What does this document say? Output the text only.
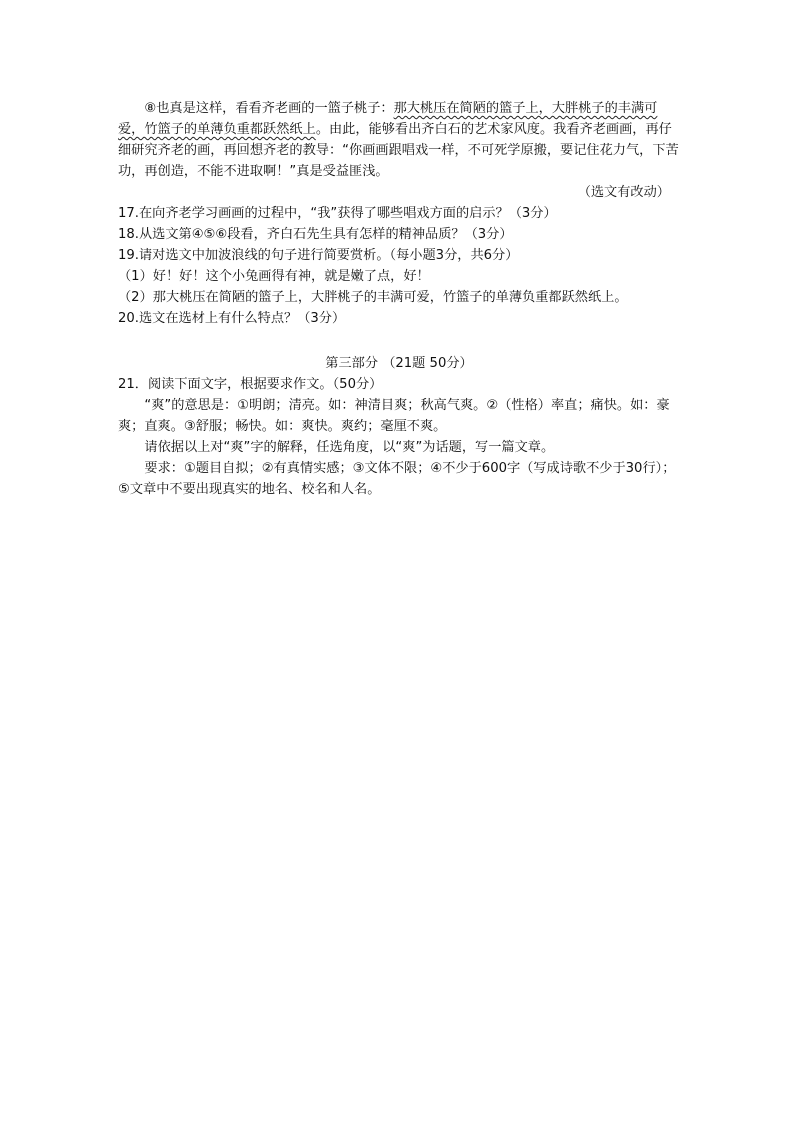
⑧也真是这样，看看齐老画的一篮子桃子：那大桃压在简陋的篮子上，大胖桃子的丰满可爱，竹篮子的单薄负重都跃然纸上。由此，能够看出齐白石的艺术家风度。我看齐老画画，再仔细研究齐老的画，再回想齐老的教导：“你画画跟唱戏一样，不可死学原搬，要记住花力气，下苦功，再创造，不能不进取啊！”真是受益匪浅。

（选文有改动）

17.在向齐老学习画画的过程中，“我”获得了哪些唱戏方面的启示？（3分）

18.从选文第④⑤⑥段看，齐白石先生具有怎样的精神品质？（3分）

19.请对选文中加波浪线的句子进行简要赏析。（每小题3分，共6分）

（1）好！好！这个小兔画得有神，就是嫩了点，好！

（2）那大桃压在简陋的篮子上，大胖桃子的丰满可爱，竹篮子的单薄负重都跃然纸上。

20.选文在选材上有什么特点？（3分）

第三部分 （21题 50分）

21．阅读下面文字，根据要求作文。（50分）

“爽”的意思是：①明朗；清亮。如：神清目爽；秋高气爽。②（性格）率直；痛快。如：豪爽；直爽。③舒服；畅快。如：爽快。爽约；毫厘不爽。

请依据以上对“爽”字的解释，任选角度，以“爽”为话题，写一篇文章。

要求：①题目自拟；②有真情实感；③文体不限；④不少于600字（写成诗歌不少于30行）；⑤文章中不要出现真实的地名、校名和人名。
